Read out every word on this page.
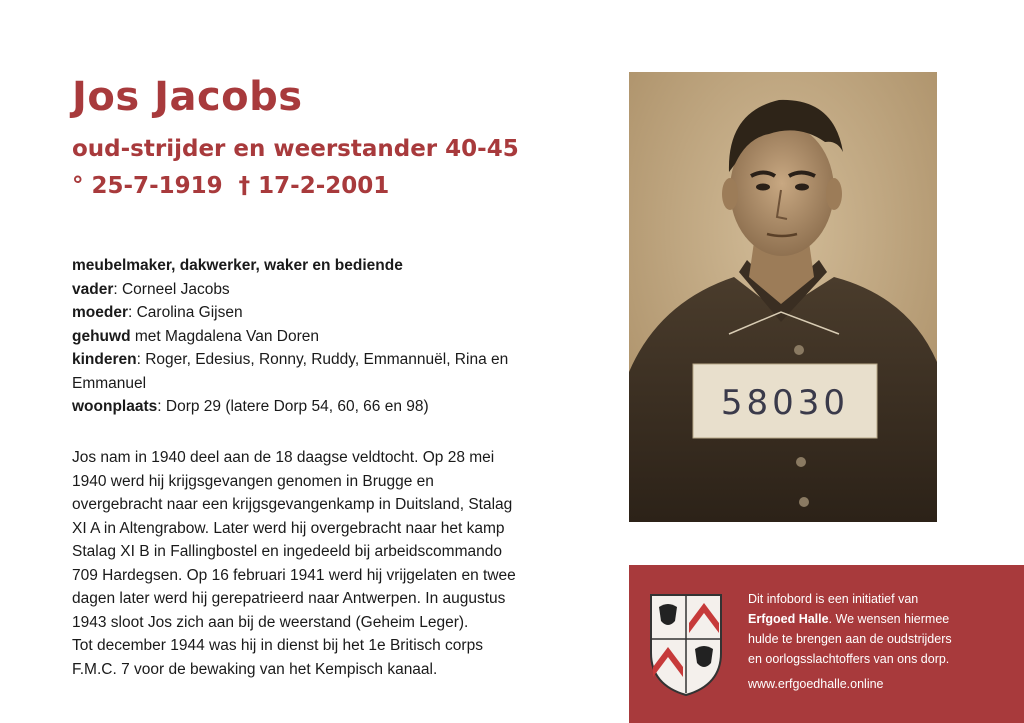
Jos Jacobs
oud-strijder en weerstander 40-45
° 25-7-1919  † 17-2-2001
meubelmaker, dakwerker, waker en bediende
vader: Corneel Jacobs
moeder: Carolina Gijsen
gehuwd met Magdalena Van Doren
kinderen: Roger, Edesius, Ronny, Ruddy, Emmannuël, Rina en
Emmanuel
woonplaats: Dorp 29 (latere Dorp 54, 60, 66 en 98)
Jos nam in 1940 deel aan de 18 daagse veldtocht. Op 28 mei
1940 werd hij krijgsgevangen genomen in Brugge en
overgebracht naar een krijgsgevangenkamp in Duitsland, Stalag
XI A in Altengrabow. Later werd hij overgebracht naar het kamp
Stalag XI B in Fallingbostel en ingedeeld bij arbeidscommando
709 Hardegsen. Op 16 februari 1941 werd hij vrijgelaten en twee
dagen later werd hij gerepatrieerd naar Antwerpen. In augustus
1943 sloot Jos zich aan bij de weerstand (Geheim Leger).
Tot december 1944 was hij in dienst bij het 1e Britisch corps
F.M.C. 7 voor de bewaking van het Kempisch kanaal.
58030
Dit infobord is een initiatief van
Erfgoed Halle. We wensen hiermee
hulde te brengen aan de oudstrijders
en oorlogsslachtoffers van ons dorp.
www.erfgoedhalle.online
